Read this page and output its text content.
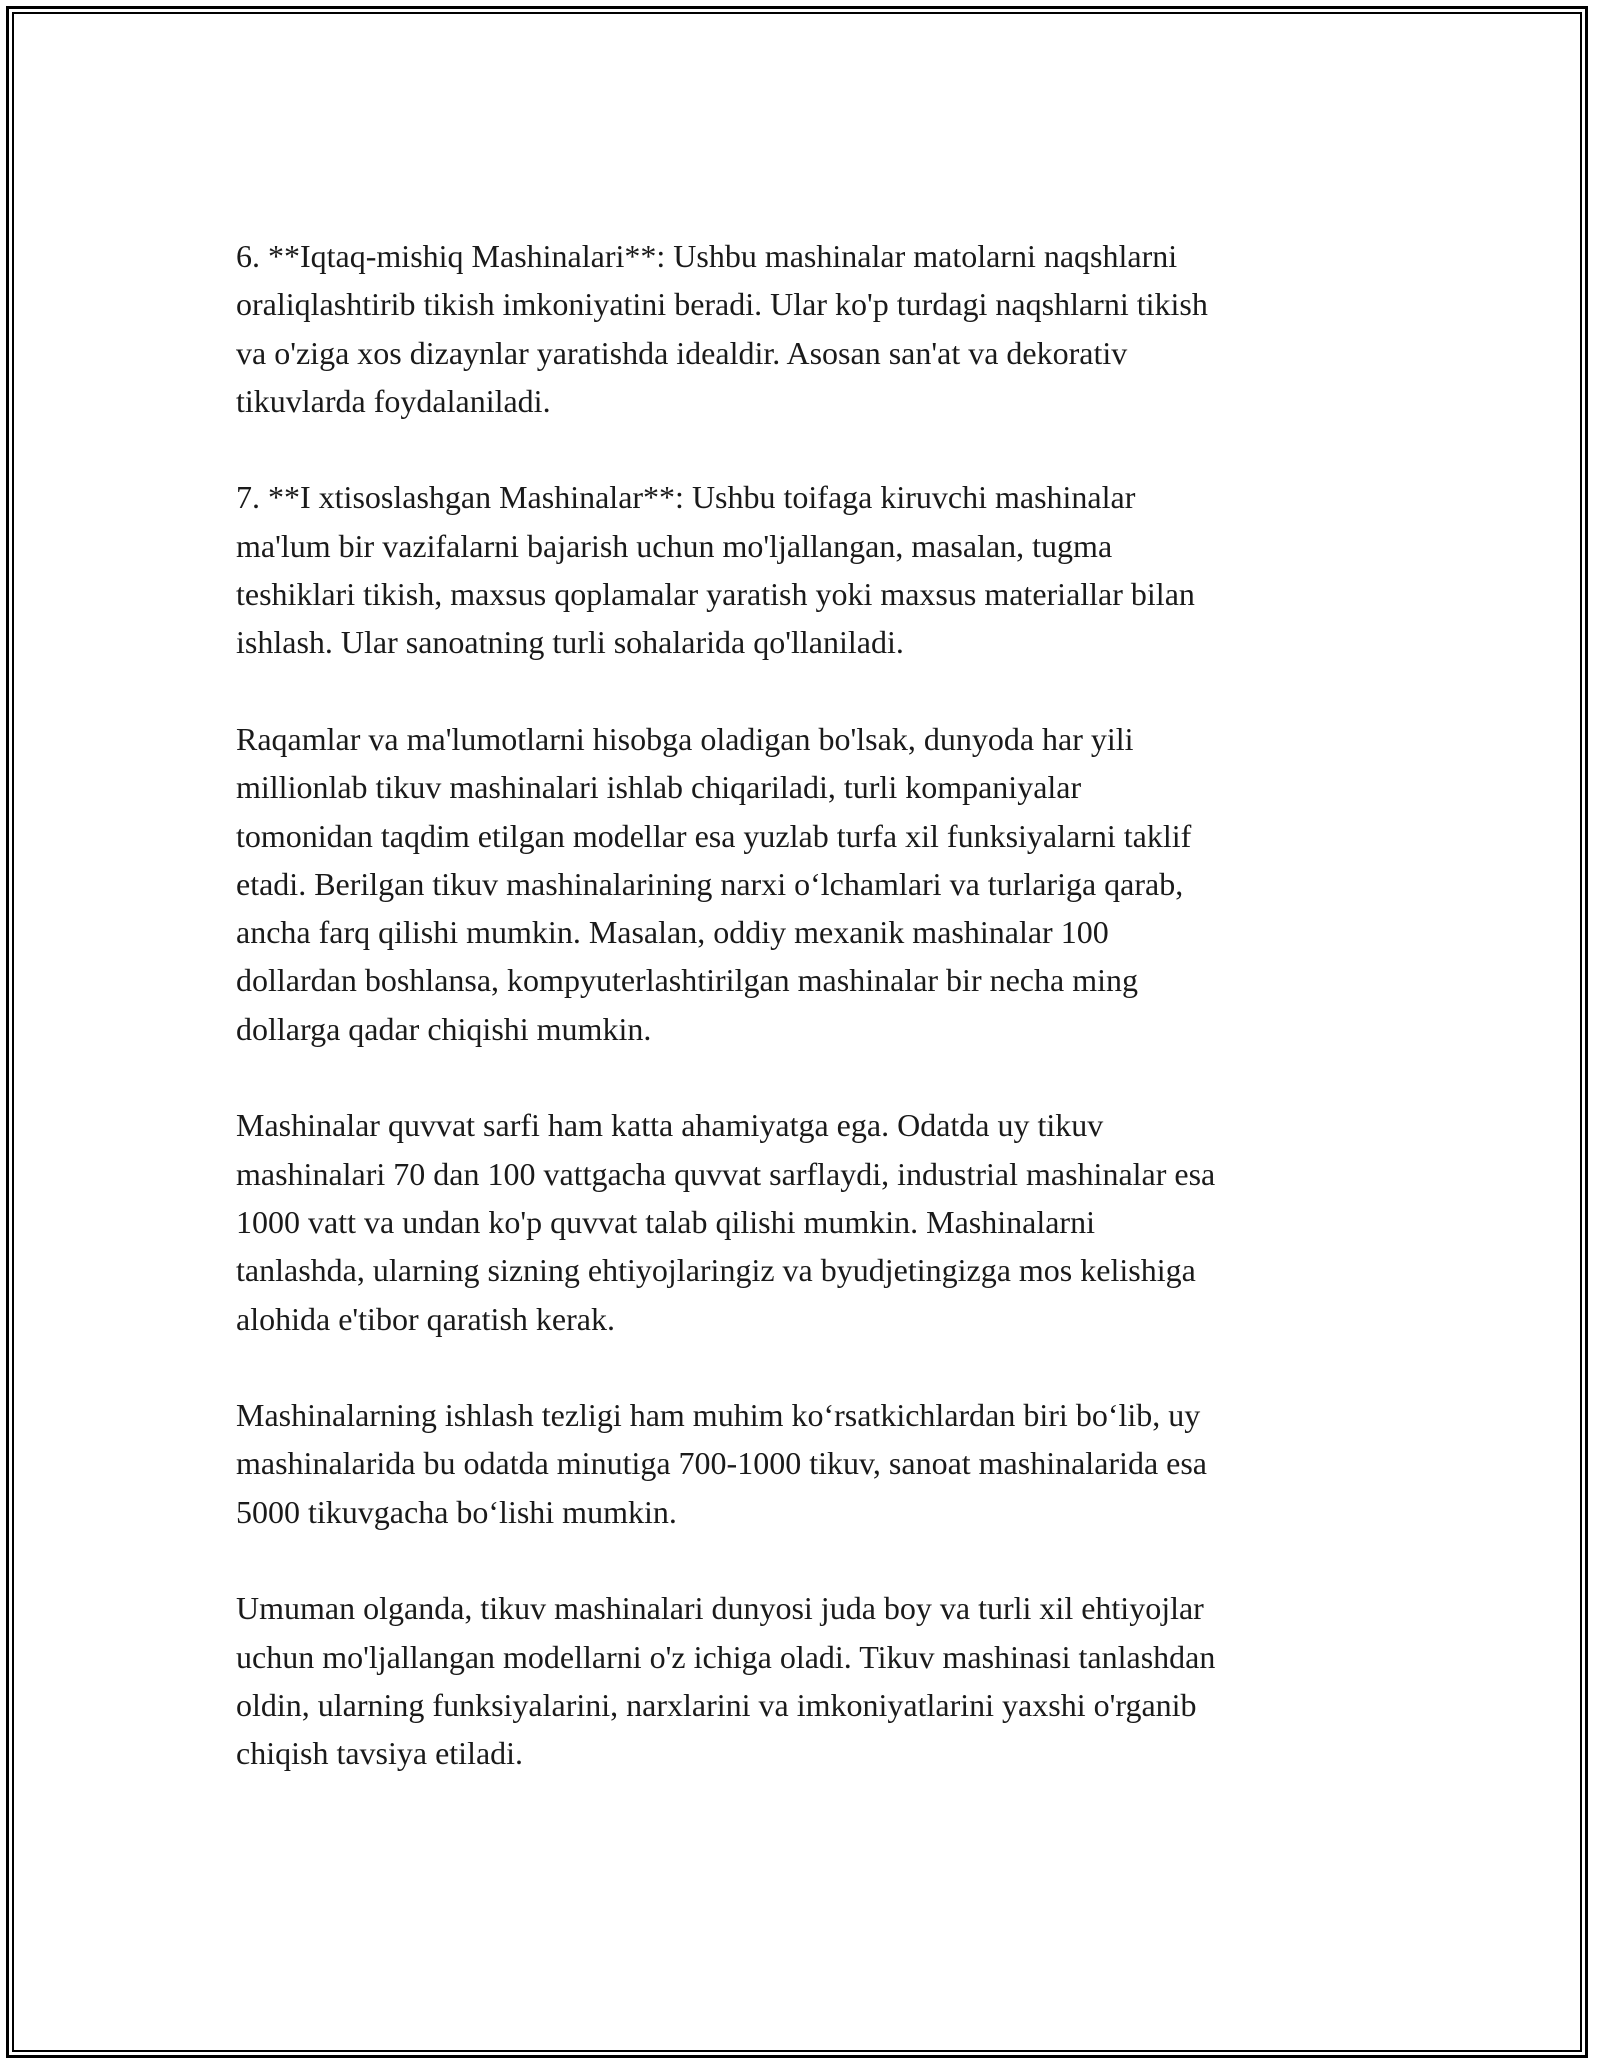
6. **Iqtaq-mishiq Mashinalari**: Ushbu mashinalar matolarni naqshlarni
oraliqlashtirib tikish imkoniyatini beradi. Ular ko'p turdagi naqshlarni tikish
va o'ziga xos dizaynlar yaratishda idealdir. Asosan san'at va dekorativ
tikuvlarda foydalaniladi.

7. **I xtisoslashgan Mashinalar**: Ushbu toifaga kiruvchi mashinalar
ma'lum bir vazifalarni bajarish uchun mo'ljallangan, masalan, tugma
teshiklari tikish, maxsus qoplamalar yaratish yoki maxsus materiallar bilan
ishlash. Ular sanoatning turli sohalarida qo'llaniladi.

Raqamlar va ma'lumotlarni hisobga oladigan bo'lsak, dunyoda har yili
millionlab tikuv mashinalari ishlab chiqariladi, turli kompaniyalar
tomonidan taqdim etilgan modellar esa yuzlab turfa xil funksiyalarni taklif
etadi. Berilgan tikuv mashinalarining narxi o‘lchamlari va turlariga qarab,
ancha farq qilishi mumkin. Masalan, oddiy mexanik mashinalar 100
dollardan boshlansa, kompyuterlashtirilgan mashinalar bir necha ming
dollarga qadar chiqishi mumkin.

Mashinalar quvvat sarfi ham katta ahamiyatga ega. Odatda uy tikuv
mashinalari 70 dan 100 vattgacha quvvat sarflaydi, industrial mashinalar esa
1000 vatt va undan ko'p quvvat talab qilishi mumkin. Mashinalarni
tanlashda, ularning sizning ehtiyojlaringiz va byudjetingizga mos kelishiga
alohida e'tibor qaratish kerak.

Mashinalarning ishlash tezligi ham muhim ko‘rsatkichlardan biri bo‘lib, uy
mashinalarida bu odatda minutiga 700-1000 tikuv, sanoat mashinalarida esa
5000 tikuvgacha bo‘lishi mumkin.

Umuman olganda, tikuv mashinalari dunyosi juda boy va turli xil ehtiyojlar
uchun mo'ljallangan modellarni o'z ichiga oladi. Tikuv mashinasi tanlashdan
oldin, ularning funksiyalarini, narxlarini va imkoniyatlarini yaxshi o'rganib
chiqish tavsiya etiladi.
